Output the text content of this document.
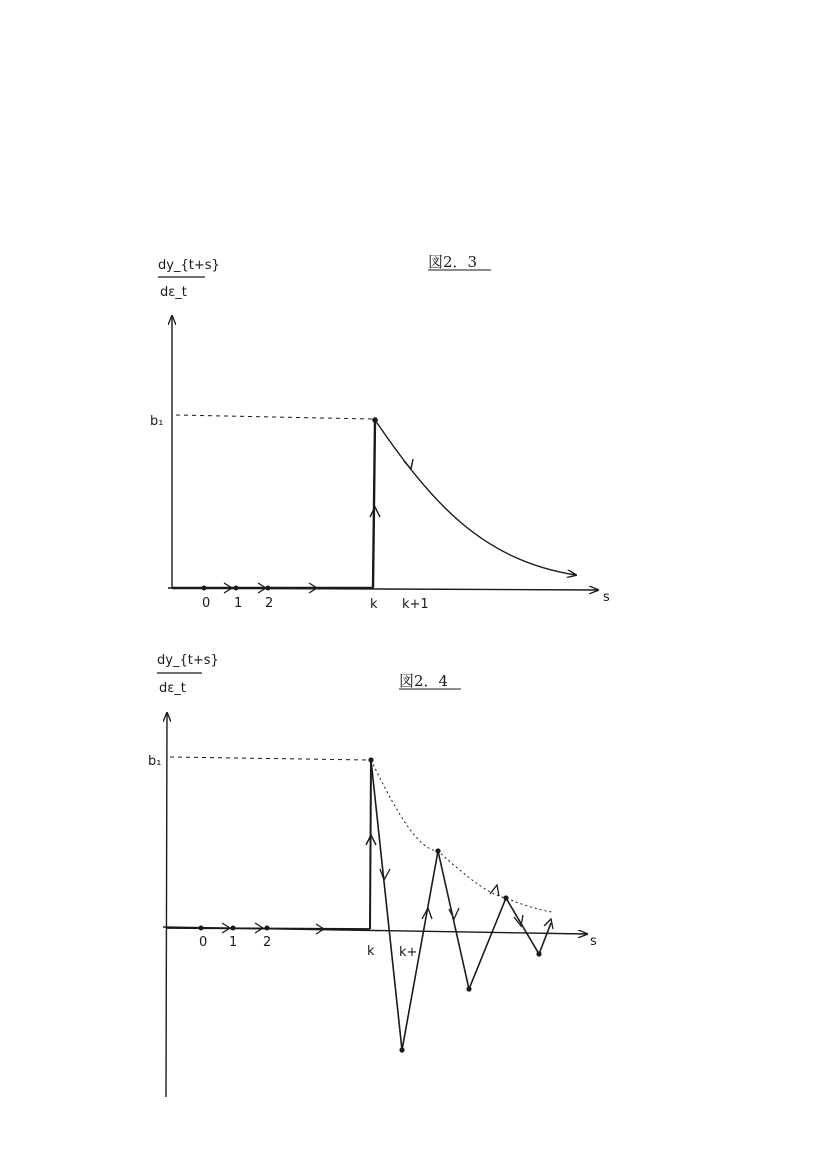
図2．3
dy_{t+s}
dε_t
s
b₁
0 1 2	k k+1
図2．4
dy_{t+s}
dε_t
s
b₁
0 1 2
k k+
